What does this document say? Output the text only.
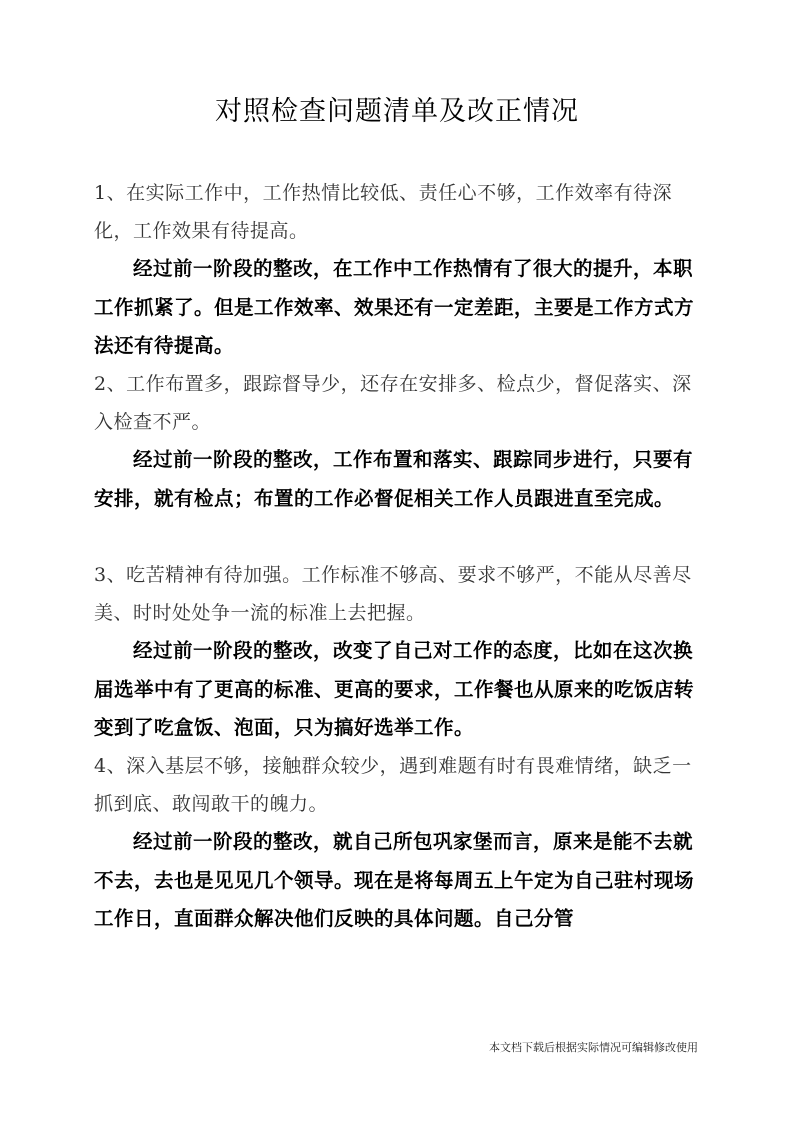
对照检查问题清单及改正情况

1、在实际工作中，工作热情比较低、责任心不够，工作效率有待深化，工作效果有待提高。

经过前一阶段的整改，在工作中工作热情有了很大的提升，本职工作抓紧了。但是工作效率、效果还有一定差距，主要是工作方式方法还有待提高。

2、工作布置多，跟踪督导少，还存在安排多、检点少，督促落实、深入检查不严。

经过前一阶段的整改，工作布置和落实、跟踪同步进行，只要有安排，就有检点；布置的工作必督促相关工作人员跟进直至完成。

3、吃苦精神有待加强。工作标准不够高、要求不够严，不能从尽善尽美、时时处处争一流的标准上去把握。

经过前一阶段的整改，改变了自己对工作的态度，比如在这次换届选举中有了更高的标准、更高的要求，工作餐也从原来的吃饭店转变到了吃盒饭、泡面，只为搞好选举工作。

4、深入基层不够，接触群众较少，遇到难题有时有畏难情绪，缺乏一抓到底、敢闯敢干的魄力。

经过前一阶段的整改，就自己所包巩家堡而言，原来是能不去就不去，去也是见见几个领导。现在是将每周五上午定为自己驻村现场工作日，直面群众解决他们反映的具体问题。自己分管

本文档下载后根据实际情况可编辑修改使用
